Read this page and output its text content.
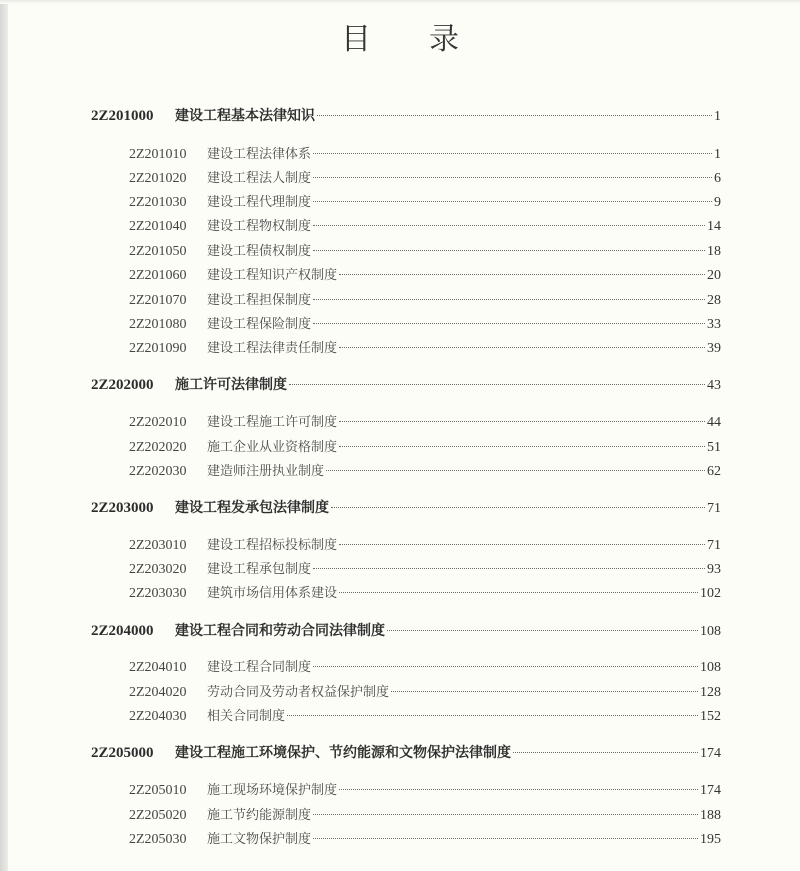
目录
2Z201000	建设工程基本法律知识	1
2Z201010	建设工程法律体系	1
2Z201020	建设工程法人制度	6
2Z201030	建设工程代理制度	9
2Z201040	建设工程物权制度	14
2Z201050	建设工程债权制度	18
2Z201060	建设工程知识产权制度	20
2Z201070	建设工程担保制度	28
2Z201080	建设工程保险制度	33
2Z201090	建设工程法律责任制度	39
2Z202000	施工许可法律制度	43
2Z202010	建设工程施工许可制度	44
2Z202020	施工企业从业资格制度	51
2Z202030	建造师注册执业制度	62
2Z203000	建设工程发承包法律制度	71
2Z203010	建设工程招标投标制度	71
2Z203020	建设工程承包制度	93
2Z203030	建筑市场信用体系建设	102
2Z204000	建设工程合同和劳动合同法律制度	108
2Z204010	建设工程合同制度	108
2Z204020	劳动合同及劳动者权益保护制度	128
2Z204030	相关合同制度	152
2Z205000	建设工程施工环境保护、节约能源和文物保护法律制度	174
2Z205010	施工现场环境保护制度	174
2Z205020	施工节约能源制度	188
2Z205030	施工文物保护制度	195
